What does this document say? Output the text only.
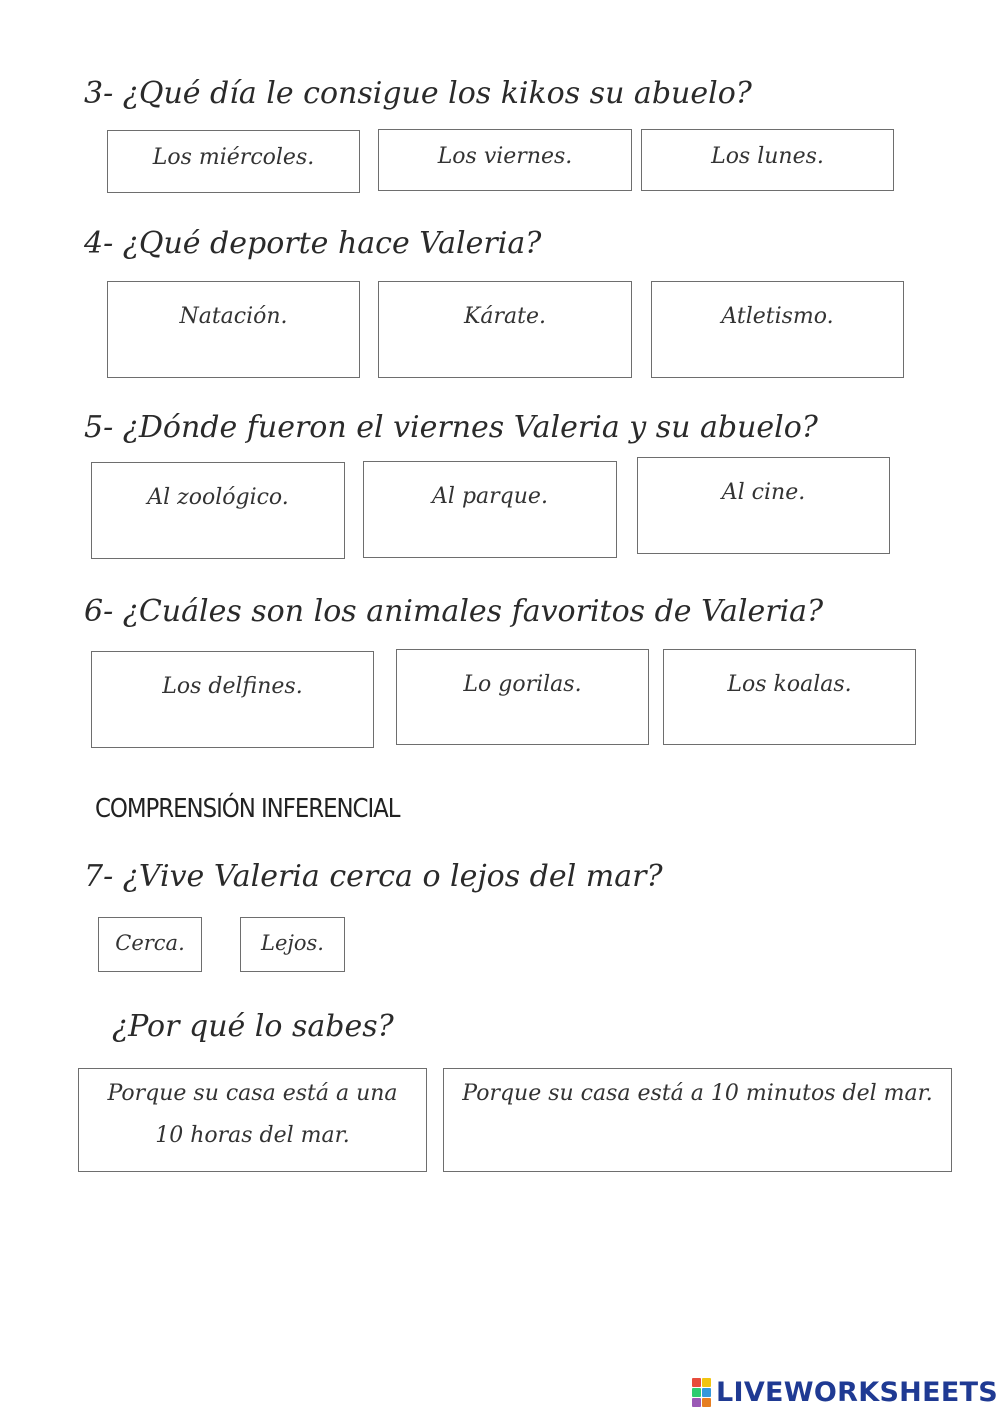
3- ¿Qué día le consigue los kikos su abuelo?
Los miércoles.	Los viernes.	Los lunes.
4- ¿Qué deporte hace Valeria?
Natación.	Kárate.	Atletismo.
5- ¿Dónde fueron el viernes Valeria y su abuelo?
Al zoológico.	Al parque.	Al cine.
6- ¿Cuáles son los animales favoritos de Valeria?
Los delfines.	Lo gorilas.	Los koalas.
COMPRENSIÓN INFERENCIAL
7- ¿Vive Valeria cerca o lejos del mar?
Cerca.	Lejos.
¿Por qué lo sabes?
Porque su casa está a una 10 horas del mar.
Porque su casa está a 10 minutos del mar.
LIVEWORKSHEETS
